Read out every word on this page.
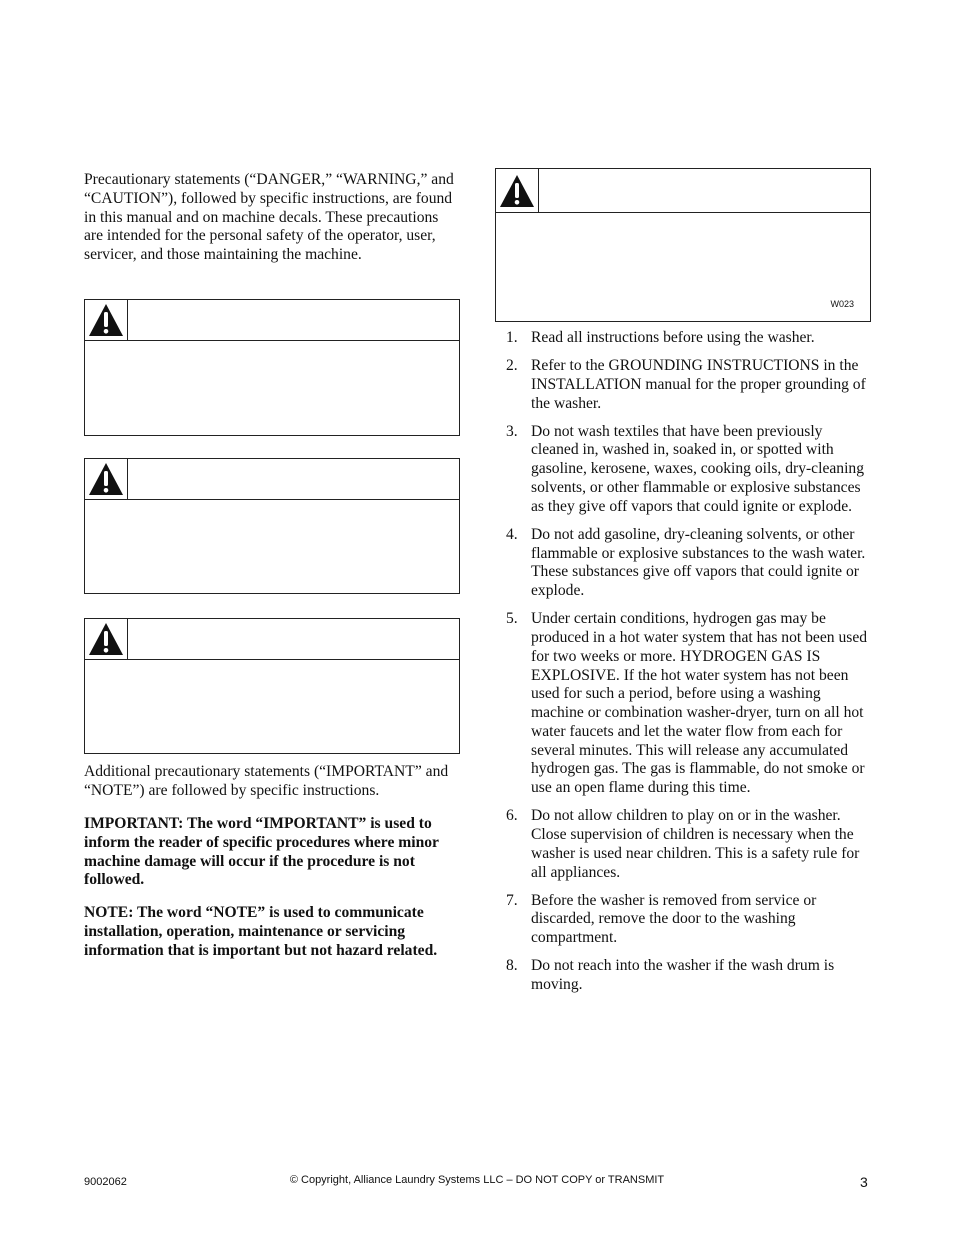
Precautionary statements (“DANGER,” “WARNING,” and “CAUTION”), followed by specific instructions, are found in this manual and on machine decals. These precautions are intended for the personal safety of the operator, user, servicer, and those maintaining the machine.

Additional precautionary statements (“IMPORTANT” and “NOTE”) are followed by specific instructions.

IMPORTANT: The word “IMPORTANT” is used to inform the reader of specific procedures where minor machine damage will occur if the procedure is not followed.

NOTE: The word “NOTE” is used to communicate installation, operation, maintenance or servicing information that is important but not hazard related.

W023
1. Read all instructions before using the washer.
2. Refer to the GROUNDING INSTRUCTIONS in the INSTALLATION manual for the proper grounding of the washer.
3. Do not wash textiles that have been previously cleaned in, washed in, soaked in, or spotted with gasoline, kerosene, waxes, cooking oils, dry-cleaning solvents, or other flammable or explosive substances as they give off vapors that could ignite or explode.
4. Do not add gasoline, dry-cleaning solvents, or other flammable or explosive substances to the wash water. These substances give off vapors that could ignite or explode.
5. Under certain conditions, hydrogen gas may be produced in a hot water system that has not been used for two weeks or more. HYDROGEN GAS IS EXPLOSIVE. If the hot water system has not been used for such a period, before using a washing machine or combination washer-dryer, turn on all hot water faucets and let the water flow from each for several minutes. This will release any accumulated hydrogen gas. The gas is flammable, do not smoke or use an open flame during this time.
6. Do not allow children to play on or in the washer. Close supervision of children is necessary when the washer is used near children. This is a safety rule for all appliances.
7. Before the washer is removed from service or discarded, remove the door to the washing compartment.
8. Do not reach into the washer if the wash drum is moving.
9002062	© Copyright, Alliance Laundry Systems LLC – DO NOT COPY or TRANSMIT	3
